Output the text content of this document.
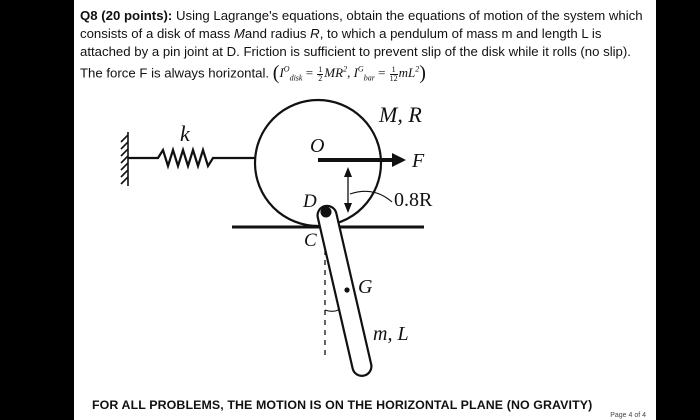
Q8 (20 points): Using Lagrange's equations, obtain the equations of motion of the system which consists of a disk of mass Mand radius R, to which a pendulum of mass m and length L is attached by a pin joint at D. Friction is sufficient to prevent slip of the disk while it rolls (no slip). The force F is always horizontal. ($I^O_{disk} = \frac{1}{2} MR^2$, $I^G_{bar} = \frac{1}{12} mL^2$)
M, R
k	O
F
D
C
0.8R
G
m, L
FOR ALL PROBLEMS, THE MOTION IS ON THE HORIZONTAL PLANE (NO GRAVITY)
Page 4 of 4
